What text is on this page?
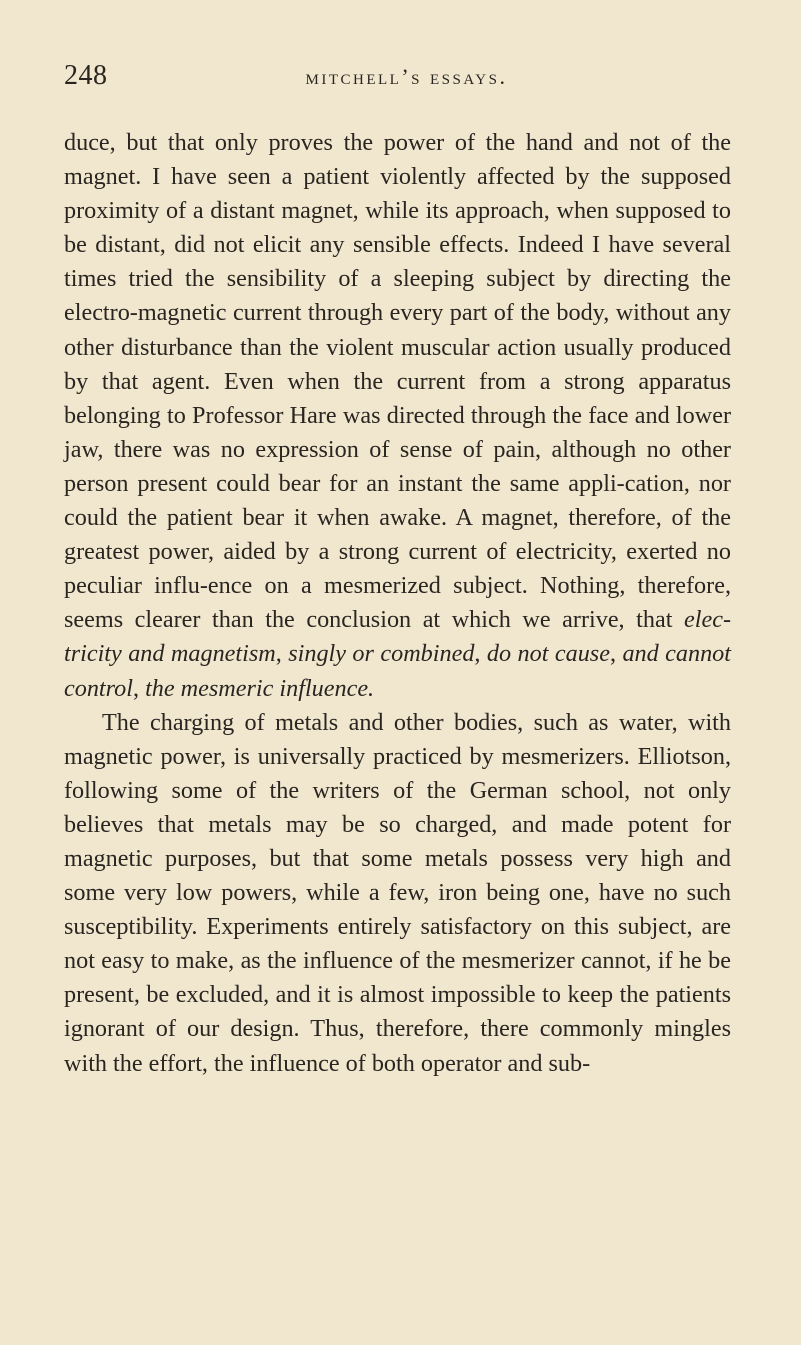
248	mitchell’s essays.

duce, but that only proves the power of the hand and not of the magnet. I have seen a patient violently affected by the supposed proximity of a distant magnet, while its approach, when supposed to be distant, did not elicit any sensible effects. Indeed I have several times tried the sensibility of a sleeping subject by directing the electro-magnetic current through every part of the body, without any other disturbance than the violent muscular action usually produced by that agent. Even when the current from a strong apparatus belonging to Professor Hare was directed through the face and lower jaw, there was no expression of sense of pain, although no other person present could bear for an instant the same appli-cation, nor could the patient bear it when awake. A magnet, therefore, of the greatest power, aided by a strong current of electricity, exerted no peculiar influ-ence on a mesmerized subject. Nothing, therefore, seems clearer than the conclusion at which we arrive, that elec-tricity and magnetism, singly or combined, do not cause, and cannot control, the mesmeric influence.

The charging of metals and other bodies, such as water, with magnetic power, is universally practiced by mesmerizers. Elliotson, following some of the writers of the German school, not only believes that metals may be so charged, and made potent for magnetic purposes, but that some metals possess very high and some very low powers, while a few, iron being one, have no such susceptibility. Experiments entirely satisfactory on this subject, are not easy to make, as the influence of the mesmerizer cannot, if he be present, be excluded, and it is almost impossible to keep the patients ignorant of our design. Thus, therefore, there commonly mingles with the effort, the influence of both operator and sub-
